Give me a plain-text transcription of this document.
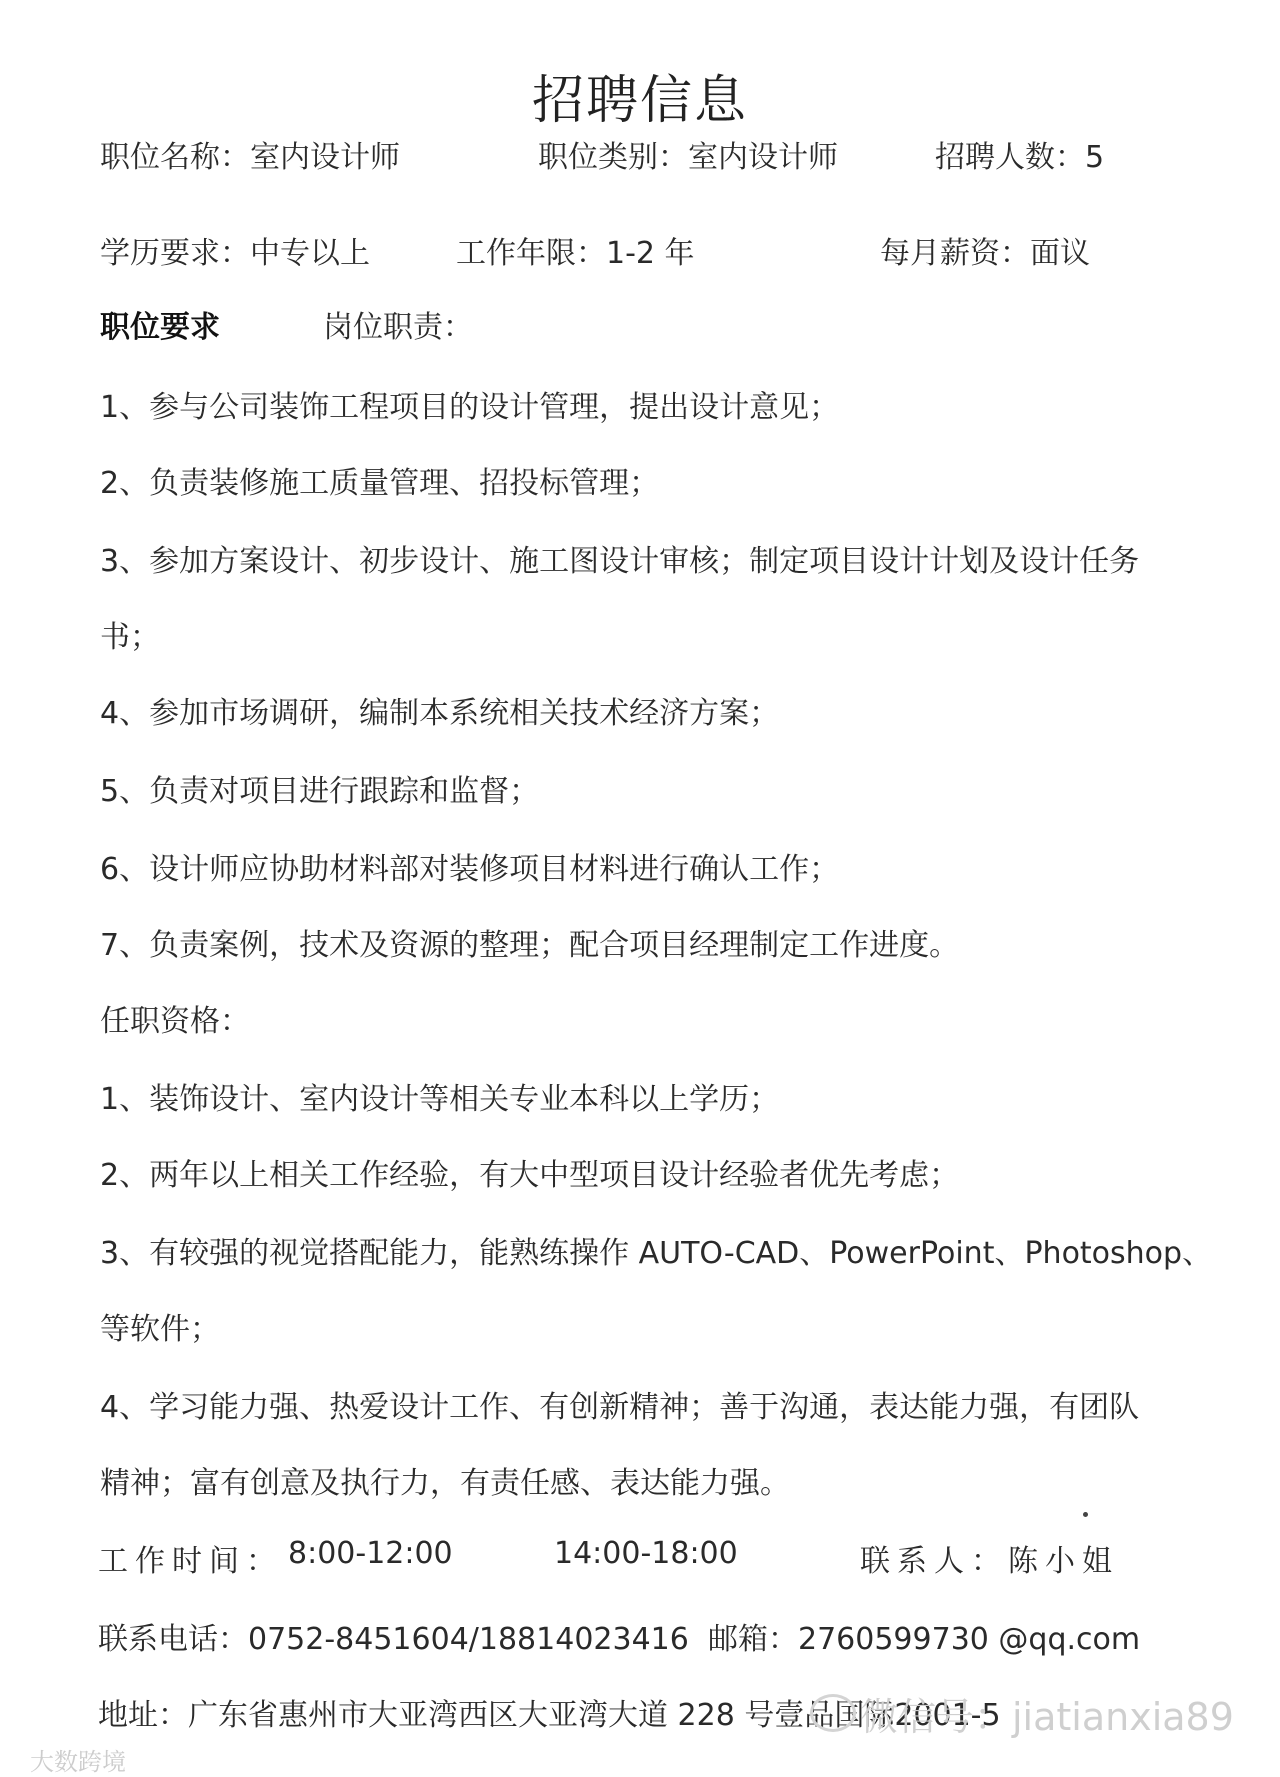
招聘信息
职位名称：室内设计师	职位类别：室内设计师	招聘人数：5
学历要求：中专以上	工作年限：1-2 年	每月薪资：面议
职位要求	岗位职责：
1、参与公司装饰工程项目的设计管理，提出设计意见；
2、负责装修施工质量管理、招投标管理；
3、参加方案设计、初步设计、施工图设计审核；制定项目设计计划及设计任务
书；
4、参加市场调研，编制本系统相关技术经济方案；
5、负责对项目进行跟踪和监督；
6、设计师应协助材料部对装修项目材料进行确认工作；
7、负责案例，技术及资源的整理；配合项目经理制定工作进度。
任职资格：
1、装饰设计、室内设计等相关专业本科以上学历；
2、两年以上相关工作经验，有大中型项目设计经验者优先考虑；
3、有较强的视觉搭配能力，能熟练操作 AUTO-CAD、PowerPoint、Photoshop、
等软件；
4、学习能力强、热爱设计工作、有创新精神；善于沟通，表达能力强，有团队
精神；富有创意及执行力，有责任感、表达能力强。
工作时间： 8:00-12:00	14:00-18:00	联系人：陈小姐
联系电话：0752-8451604/18814023416 邮箱：2760599730 @qq.com
地址：广东省惠州市大亚湾西区大亚湾大道 228 号壹品国际2001-5
微信号：jiatianxia89
大数跨境
